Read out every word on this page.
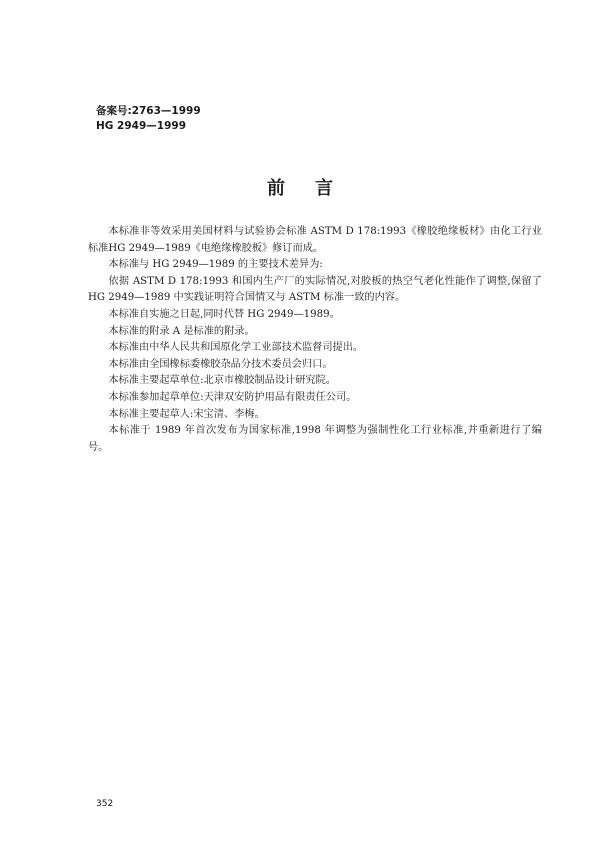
备案号:2763—1999
HG 2949—1999
前言

本标准非等效采用美国材料与试验协会标准 ASTM D 178:1993《橡胶绝缘板材》由化工行业标准HG 2949—1989《电绝缘橡胶板》修订而成。

本标准与 HG 2949—1989 的主要技术差异为:

依据 ASTM D 178:1993 和国内生产厂的实际情况,对胶板的热空气老化性能作了调整,保留了HG 2949—1989 中实践证明符合国情又与 ASTM 标准一致的内容。

本标准自实施之日起,同时代替 HG 2949—1989。

本标准的附录 A 是标准的附录。

本标准由中华人民共和国原化学工业部技术监督司提出。

本标准由全国橡标委橡胶杂品分技术委员会归口。

本标准主要起草单位:北京市橡胶制品设计研究院。

本标准参加起草单位:天津双安防护用品有限责任公司。

本标准主要起草人:宋宝清、李梅。

本标准于 1989 年首次发布为国家标准,1998 年调整为强制性化工行业标准,并重新进行了编号。

352
